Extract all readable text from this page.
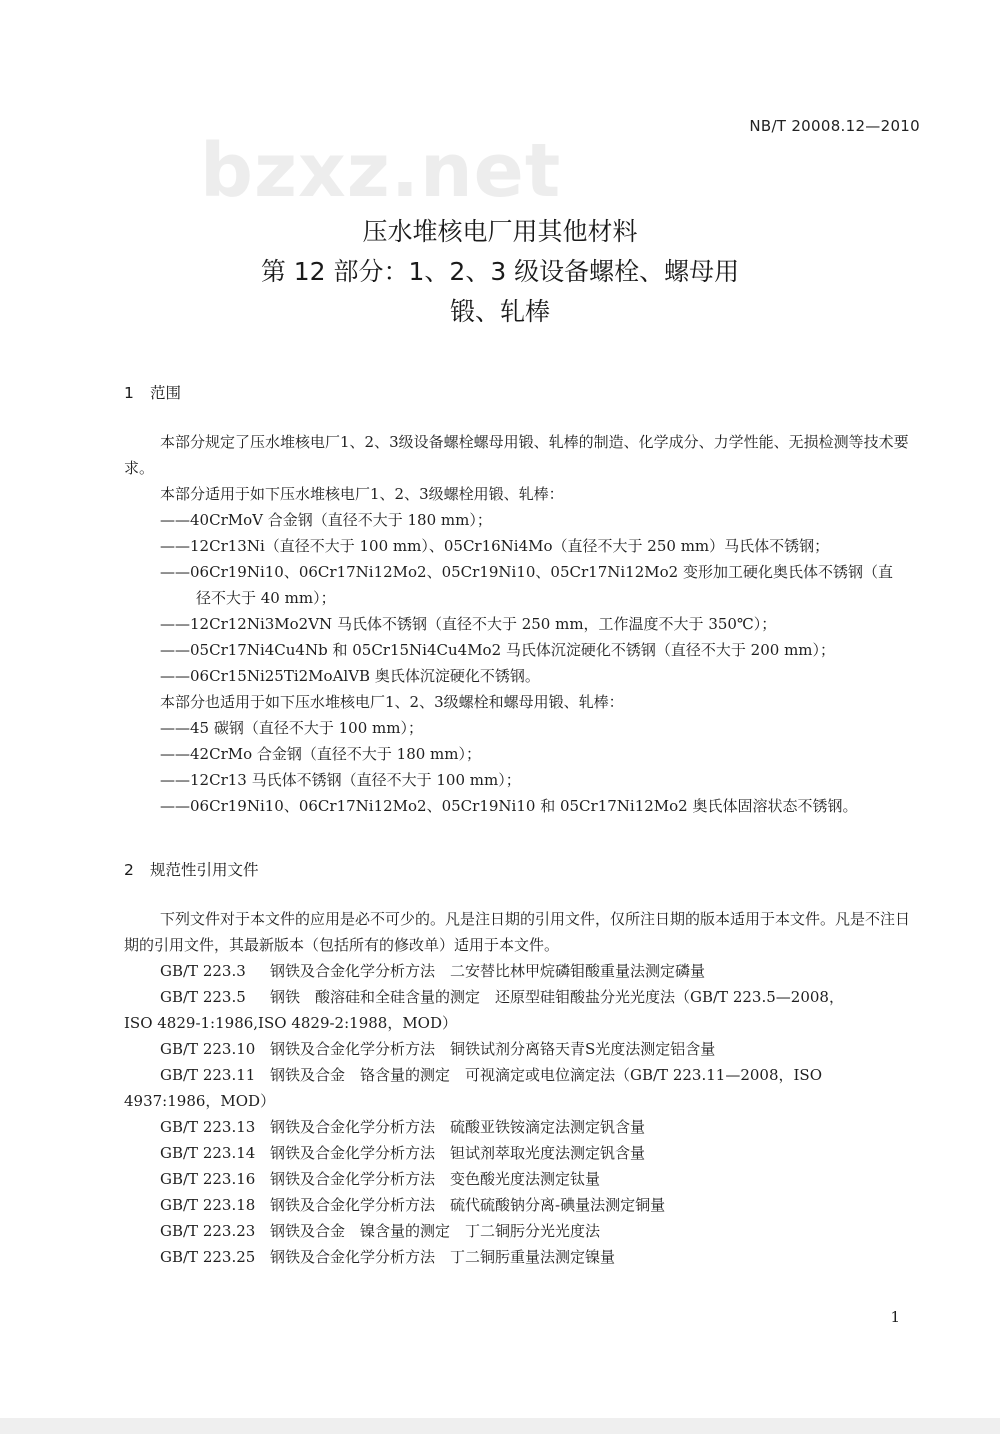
NB/T 20008.12—2010
bzxz.net
压水堆核电厂用其他材料
第 12 部分：1、2、3 级设备螺栓、螺母用
锻、轧棒
1 范围

本部分规定了压水堆核电厂1、2、3级设备螺栓螺母用锻、轧棒的制造、化学成分、力学性能、无损检测等技术要求。

本部分适用于如下压水堆核电厂1、2、3级螺栓用锻、轧棒：

——40CrMoV 合金钢（直径不大于 180 mm）；

——12Cr13Ni（直径不大于 100 mm）、05Cr16Ni4Mo（直径不大于 250 mm）马氏体不锈钢；

——06Cr19Ni10、06Cr17Ni12Mo2、05Cr19Ni10、05Cr17Ni12Mo2 变形加工硬化奥氏体不锈钢（直

径不大于 40 mm）；

——12Cr12Ni3Mo2VN 马氏体不锈钢（直径不大于 250 mm，工作温度不大于 350℃）；

——05Cr17Ni4Cu4Nb 和 05Cr15Ni4Cu4Mo2 马氏体沉淀硬化不锈钢（直径不大于 200 mm）；

——06Cr15Ni25Ti2MoAlVB 奥氏体沉淀硬化不锈钢。

本部分也适用于如下压水堆核电厂1、2、3级螺栓和螺母用锻、轧棒：

——45 碳钢（直径不大于 100 mm）；

——42CrMo 合金钢（直径不大于 180 mm）；

——12Cr13 马氏体不锈钢（直径不大于 100 mm）；

——06Cr19Ni10、06Cr17Ni12Mo2、05Cr19Ni10 和 05Cr17Ni12Mo2 奥氏体固溶状态不锈钢。

2 规范性引用文件

下列文件对于本文件的应用是必不可少的。凡是注日期的引用文件，仅所注日期的版本适用于本文件。凡是不注日期的引用文件，其最新版本（包括所有的修改单）适用于本文件。

GB/T 223.3 钢铁及合金化学分析方法　二安替比林甲烷磷钼酸重量法测定磷量

GB/T 223.5 钢铁　酸溶硅和全硅含量的测定　还原型硅钼酸盐分光光度法（GB/T 223.5—2008，

ISO 4829-1:1986,ISO 4829-2:1988，MOD）

GB/T 223.10 钢铁及合金化学分析方法　铜铁试剂分离铬天青S光度法测定铝含量

GB/T 223.11 钢铁及合金　铬含量的测定　可视滴定或电位滴定法（GB/T 223.11—2008，ISO

4937:1986，MOD）

GB/T 223.13 钢铁及合金化学分析方法　硫酸亚铁铵滴定法测定钒含量

GB/T 223.14 钢铁及合金化学分析方法　钽试剂萃取光度法测定钒含量

GB/T 223.16 钢铁及合金化学分析方法　变色酸光度法测定钛量

GB/T 223.18 钢铁及合金化学分析方法　硫代硫酸钠分离-碘量法测定铜量

GB/T 223.23 钢铁及合金　镍含量的测定　丁二铜肟分光光度法

GB/T 223.25 钢铁及合金化学分析方法　丁二铜肟重量法测定镍量

1
